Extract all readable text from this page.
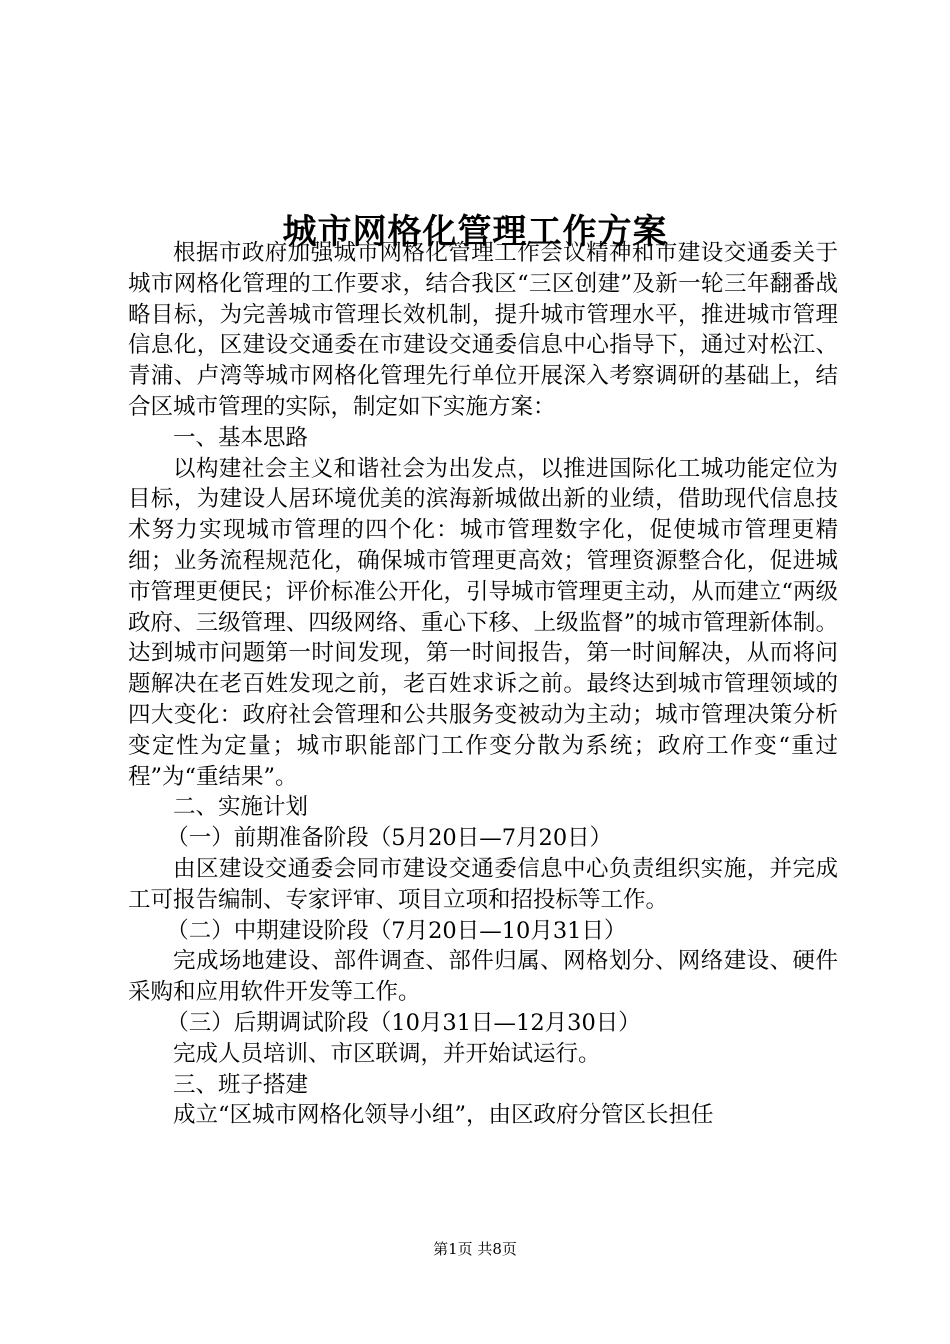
城市网格化管理工作方案

根据市政府加强城市网格化管理工作会议精神和市建设交通委关于城市网格化管理的工作要求，结合我区“三区创建”及新一轮三年翻番战略目标，为完善城市管理长效机制，提升城市管理水平，推进城市管理信息化，区建设交通委在市建设交通委信息中心指导下，通过对松江、青浦、卢湾等城市网格化管理先行单位开展深入考察调研的基础上，结合区城市管理的实际，制定如下实施方案：

一、基本思路

以构建社会主义和谐社会为出发点，以推进国际化工城功能定位为目标，为建设人居环境优美的滨海新城做出新的业绩，借助现代信息技术努力实现城市管理的四个化：城市管理数字化，促使城市管理更精细；业务流程规范化，确保城市管理更高效；管理资源整合化，促进城市管理更便民；评价标准公开化，引导城市管理更主动，从而建立“两级政府、三级管理、四级网络、重心下移、上级监督”的城市管理新体制。达到城市问题第一时间发现，第一时间报告，第一时间解决，从而将问题解决在老百姓发现之前，老百姓求诉之前。最终达到城市管理领域的四大变化：政府社会管理和公共服务变被动为主动；城市管理决策分析变定性为定量；城市职能部门工作变分散为系统；政府工作变“重过程”为“重结果”。

二、实施计划

（一）前期准备阶段（5月20日—7月20日）

由区建设交通委会同市建设交通委信息中心负责组织实施，并完成工可报告编制、专家评审、项目立项和招投标等工作。

（二）中期建设阶段（7月20日—10月31日）

完成场地建设、部件调查、部件归属、网格划分、网络建设、硬件采购和应用软件开发等工作。

（三）后期调试阶段（10月31日—12月30日）

完成人员培训、市区联调，并开始试运行。

三、班子搭建

成立“区城市网格化领导小组”，由区政府分管区长担任

第1页 共8页
